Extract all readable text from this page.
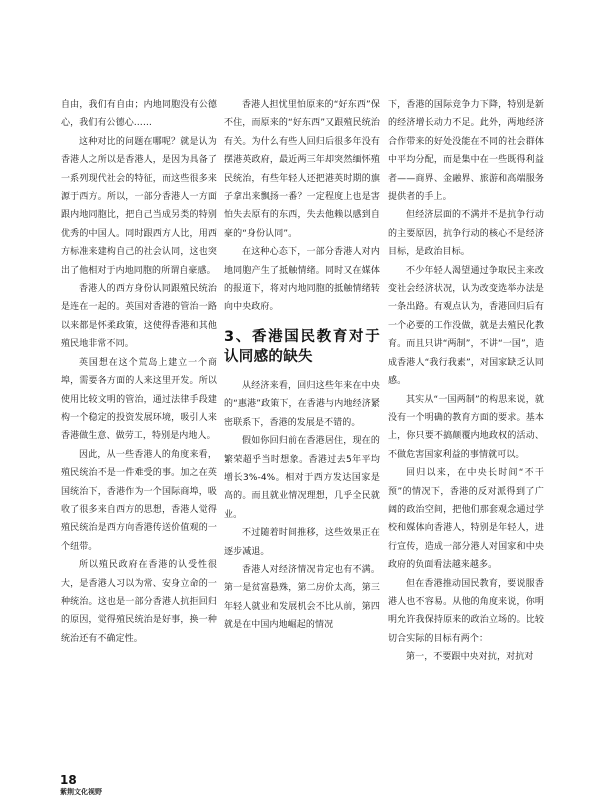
自由，我们有自由；内地同胞没有公德心，我们有公德心……

这种对比的问题在哪呢？就是认为香港人之所以是香港人，是因为具备了一系列现代社会的特征，而这些很多来源于西方。所以，一部分香港人一方面跟内地同胞比，把自己当成另类的特别优秀的中国人。同时跟西方人比，用西方标准来建构自己的社会认同，这也突出了他相对于内地同胞的所谓自豪感。

香港人的西方身份认同跟殖民统治是连在一起的。英国对香港的管治一路以来都是怀柔政策，这使得香港和其他殖民地非常不同。

英国想在这个荒岛上建立一个商埠，需要各方面的人来这里开发。所以使用比较文明的管治，通过法律手段建构一个稳定的投资发展环境，吸引人来香港做生意、做劳工，特别是内地人。

因此，从一些香港人的角度来看，殖民统治不是一件难受的事。加之在英国统治下，香港作为一个国际商埠，吸收了很多来自西方的思想，香港人觉得殖民统治是西方向香港传送价值观的一个纽带。

所以殖民政府在香港的认受性很大，是香港人习以为常、安身立命的一种统治。这也是一部分香港人抗拒回归的原因，觉得殖民统治是好事，换一种统治还有不确定性。

香港人担忧里怕原来的“好东西”保不住，而原来的“好东西”又跟殖民统治有关。为什么有些人回归后很多年没有摆港英政府，最近两三年却突然缅怀殖民统治，有些年轻人还把港英时期的旗子拿出来飘扬一番？一定程度上也是害怕失去原有的东西，失去他赖以感到自豪的“身份认同”。

在这种心态下，一部分香港人对内地同胞产生了抵触情绪。同时又在媒体的报道下，将对内地同胞的抵触情绪转向中央政府。

3、香港国民教育对于认同感的缺失

从经济来看，回归这些年来在中央的“惠港”政策下，在香港与内地经济紧密联系下，香港的发展是不错的。

假如你回归前在香港居住，现在的繁荣超乎当时想象。香港过去5年平均增长3%-4%。相对于西方发达国家是高的。而且就业情况理想，几乎全民就业。

不过随着时间推移，这些效果正在逐步减退。

香港人对经济情况肯定也有不满。第一是贫富悬殊，第二房价太高，第三年轻人就业和发展机会不比从前，第四就是在中国内地崛起的情况

下，香港的国际竞争力下降，特别是新的经济增长动力不足。此外，两地经济合作带来的好处没能在不同的社会群体中平均分配，而是集中在一些既得利益者——商界、金融界、旅游和高端服务提供者的手上。

但经济层面的不满并不是抗争行动的主要原因，抗争行动的核心不是经济目标，是政治目标。

不少年轻人渴望通过争取民主来改变社会经济状况，认为改变选举办法是一条出路。有观点认为，香港回归后有一个必要的工作没做，就是去殖民化教育。而且只讲“两制”，不讲“一国”，造成香港人“我行我素”，对国家缺乏认同感。

其实从“一国两制”的构思来说，就没有一个明确的教育方面的要求。基本上，你只要不搞颠覆内地政权的活动、不做危害国家利益的事情就可以。

回归以来，在中央长时间“不干预”的情况下，香港的反对派得到了广阔的政治空间，把他们那套观念通过学校和媒体向香港人，特别是年轻人，进行宣传，造成一部分港人对国家和中央政府的负面看法越来越多。

但在香港推动国民教育，要说服香港人也不容易。从他的角度来说，你明明允许我保持原来的政治立场的。比较切合实际的目标有两个：

第一，不要跟中央对抗，对抗对

18
紫荆文化视野
